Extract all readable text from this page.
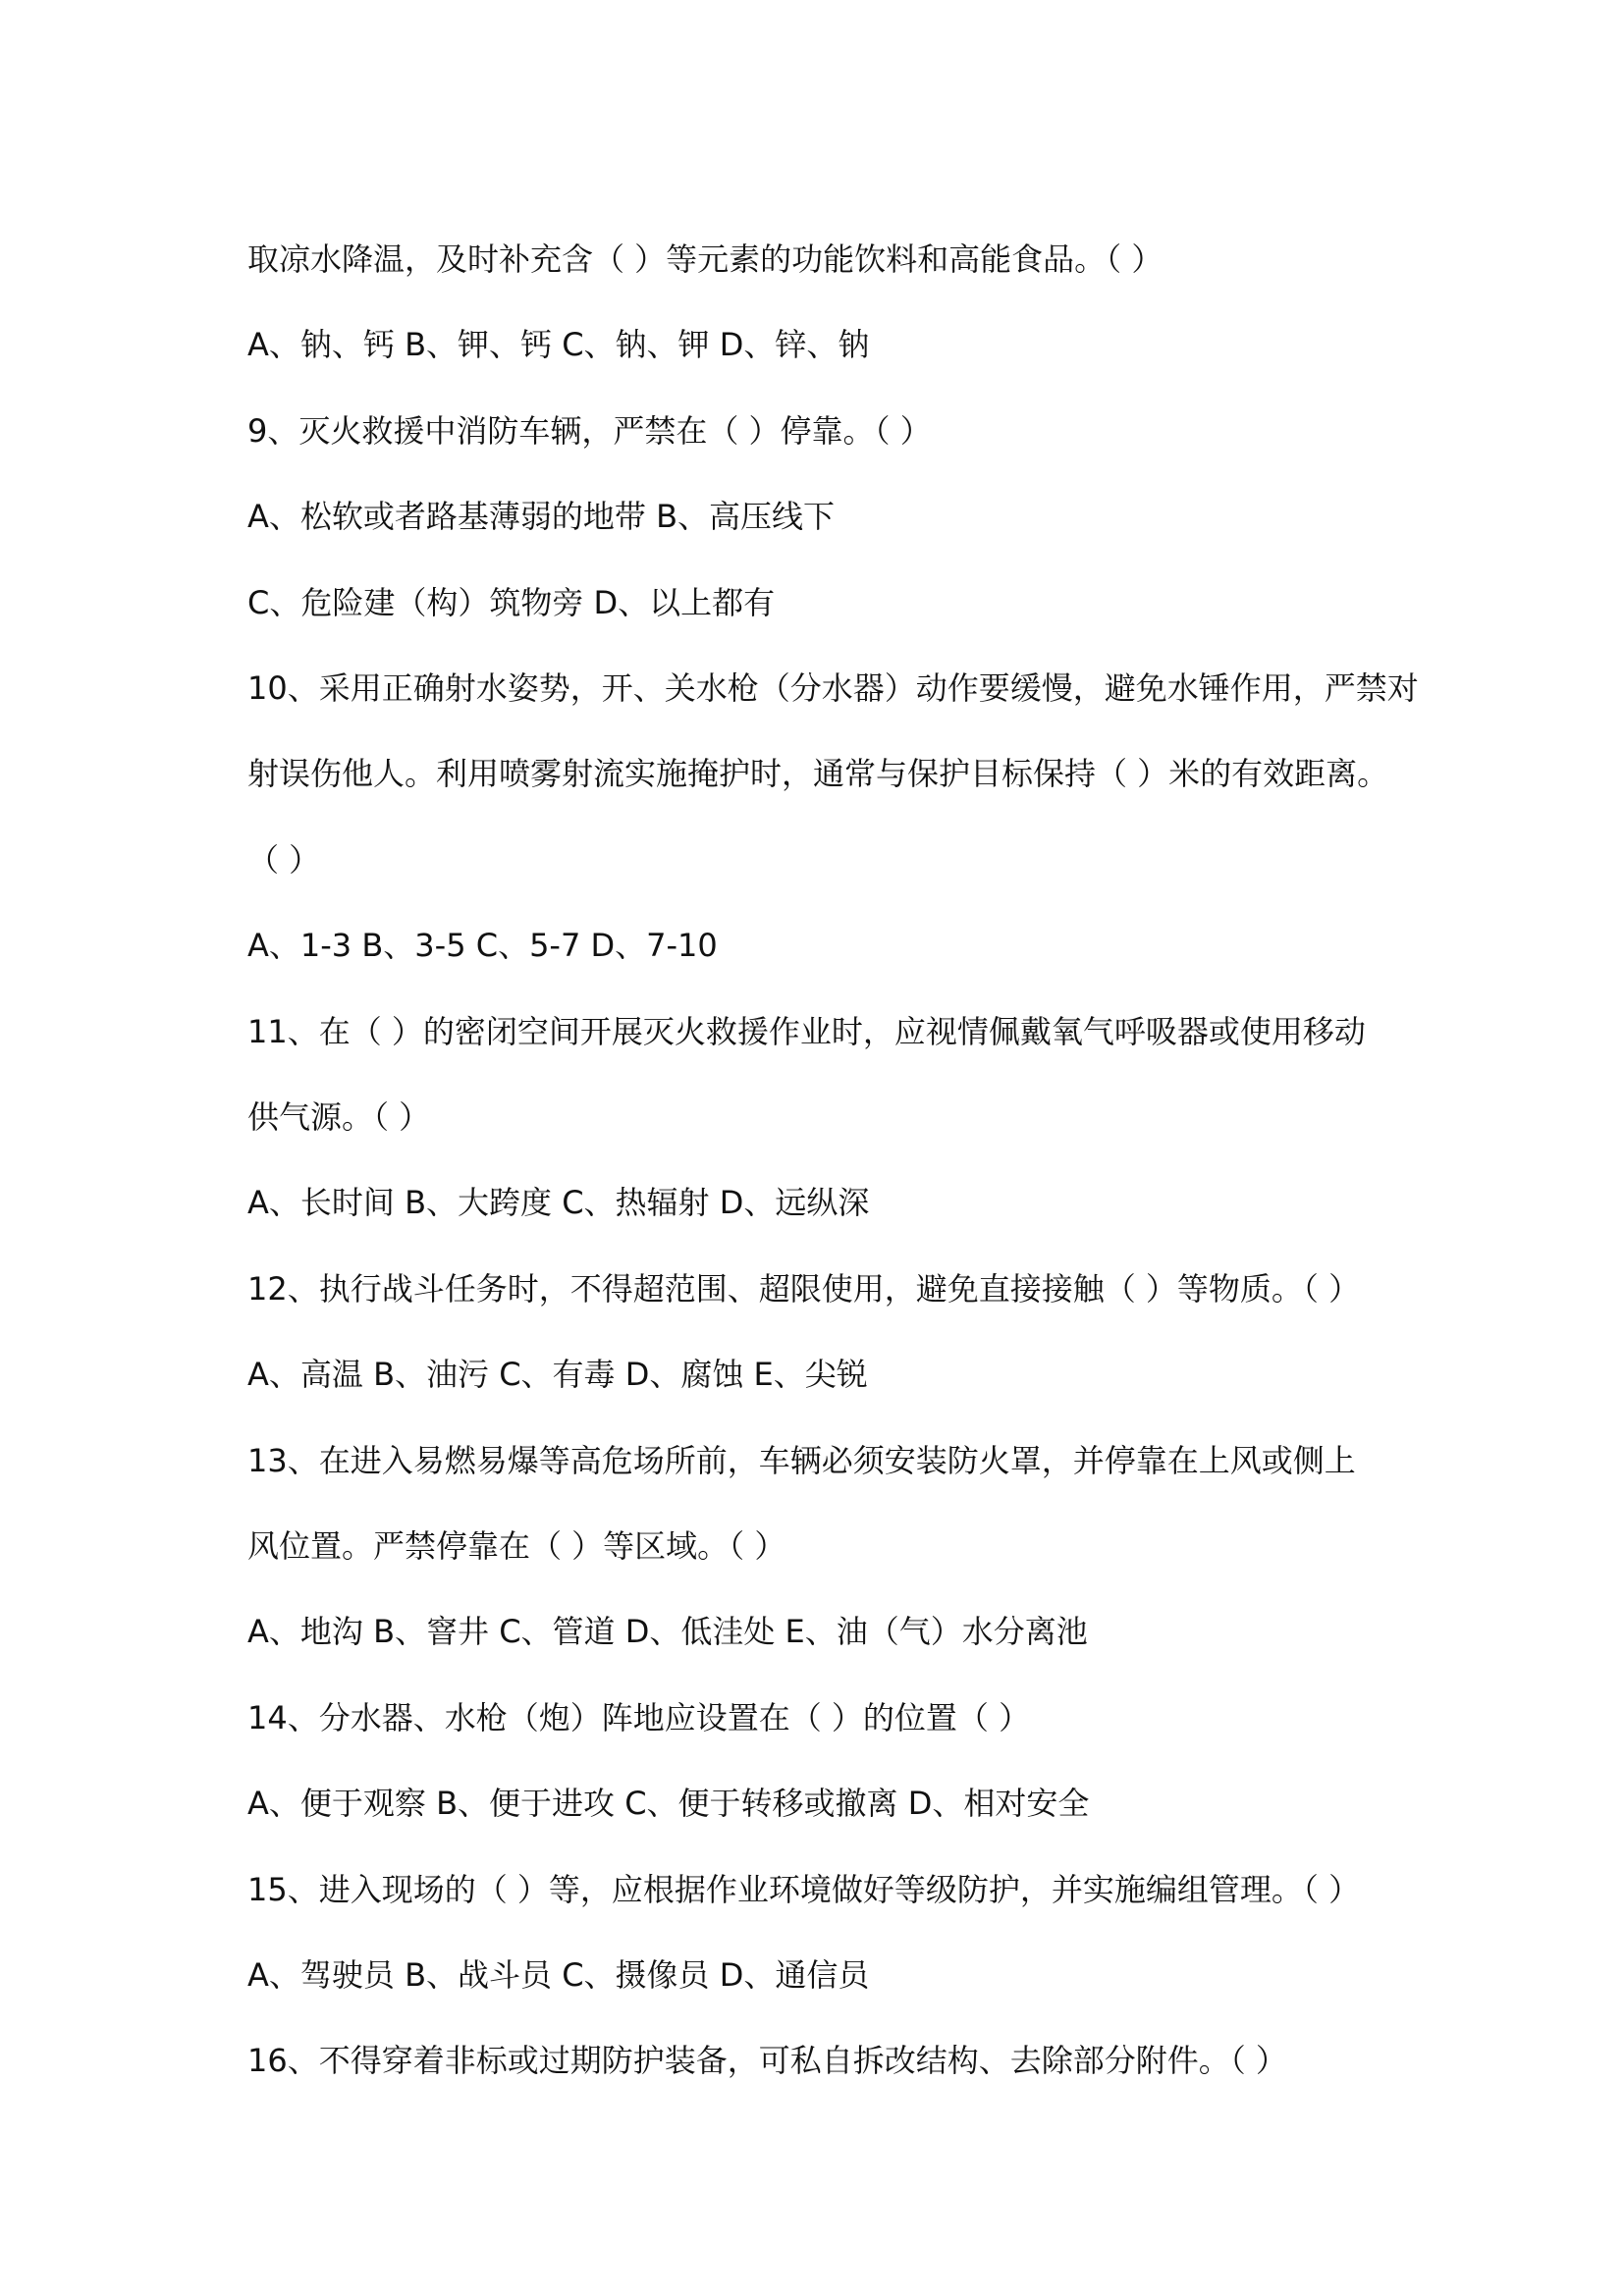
取凉水降温，及时补充含（ ）等元素的功能饮料和高能食品。（ ）
A、钠、钙 B、钾、钙 C、钠、钾 D、锌、钠
9、灭火救援中消防车辆，严禁在（ ）停靠。（ ）
A、松软或者路基薄弱的地带 B、高压线下
C、危险建（构）筑物旁 D、以上都有
10、采用正确射水姿势，开、关水枪（分水器）动作要缓慢，避免水锤作用，严禁对
射误伤他人。利用喷雾射流实施掩护时，通常与保护目标保持（ ）米的有效距离。
（ ）
A、1-3 B、3-5 C、5-7 D、7-10
11、在（ ）的密闭空间开展灭火救援作业时，应视情佩戴氧气呼吸器或使用移动
供气源。（ ）
A、长时间 B、大跨度 C、热辐射 D、远纵深
12、执行战斗任务时，不得超范围、超限使用，避免直接接触（ ）等物质。（ ）
A、高温 B、油污 C、有毒 D、腐蚀 E、尖锐
13、在进入易燃易爆等高危场所前，车辆必须安装防火罩，并停靠在上风或侧上
风位置。严禁停靠在（ ）等区域。（ ）
A、地沟 B、窨井 C、管道 D、低洼处 E、油（气）水分离池
14、分水器、水枪（炮）阵地应设置在（ ）的位置（ ）
A、便于观察 B、便于进攻 C、便于转移或撤离 D、相对安全
15、进入现场的（ ）等，应根据作业环境做好等级防护，并实施编组管理。（ ）
A、驾驶员 B、战斗员 C、摄像员 D、通信员
16、不得穿着非标或过期防护装备，可私自拆改结构、去除部分附件。（ ）
